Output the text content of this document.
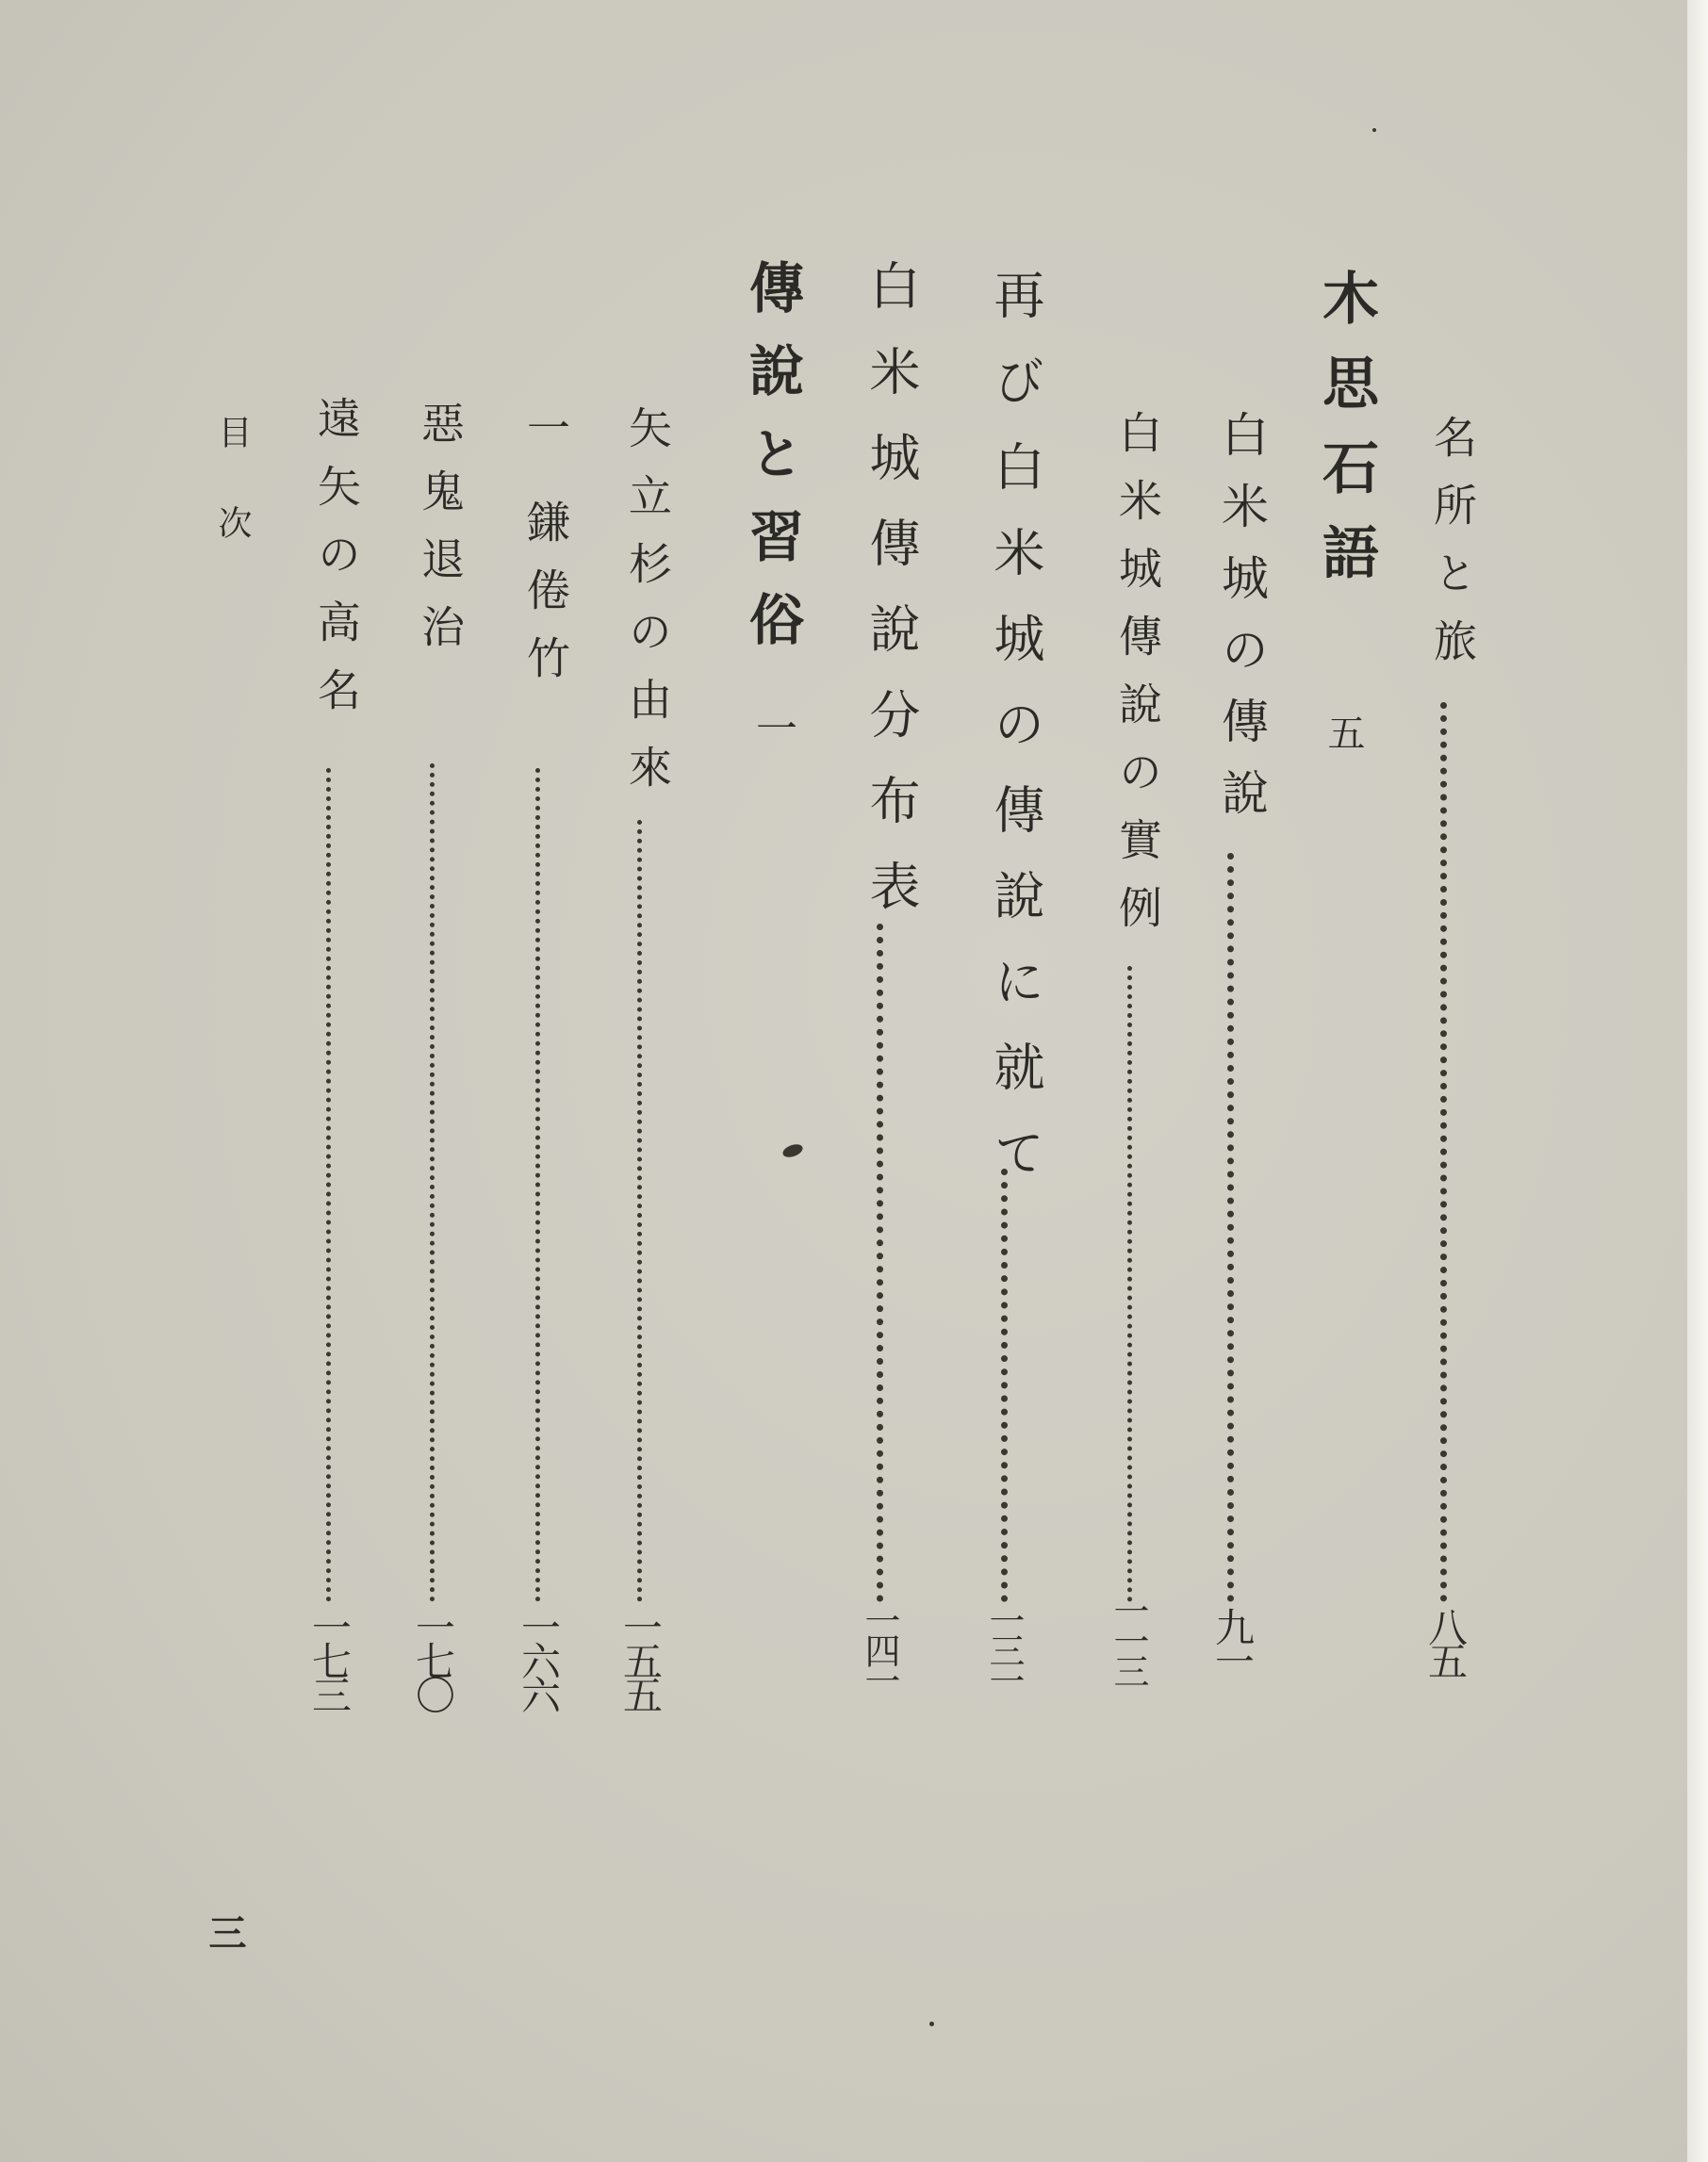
名所と旅
八五
木思石語
五
白米城の傳說
九一
白米城傳說の實例
一一三
再び白米城の傳說に就て
一三一
白米城傳說分布表
一四一
傳說と習俗
一
矢立杉の由來
一五五
一
鎌倦竹
一六六
惡鬼退治
一七〇
遠矢の高名
一七三
目次
三
